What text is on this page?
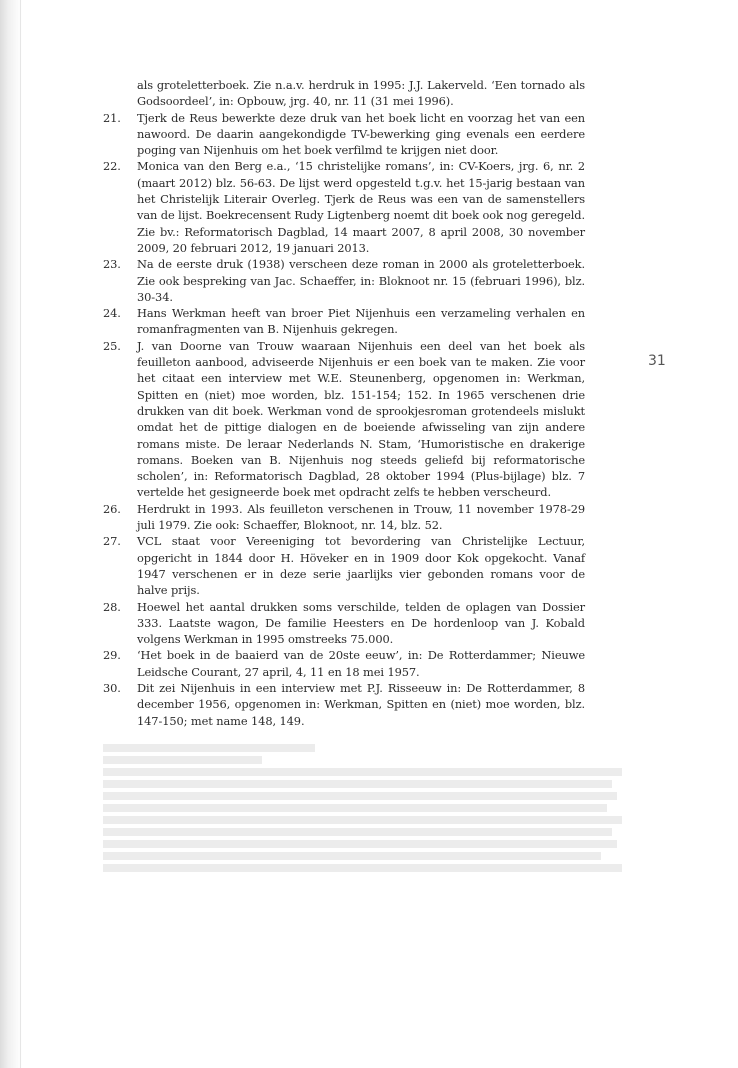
als groteletterboek. Zie n.a.v. herdruk in 1995: J.J. Lakerveld. ‘Een tornado als Godsoordeel’, in: Opbouw, jrg. 40, nr. 11 (31 mei 1996).
21.	Tjerk de Reus bewerkte deze druk van het boek licht en voorzag het van een nawoord. De daarin aangekondigde TV-bewerking ging evenals een eerdere poging van Nijenhuis om het boek verfilmd te krijgen niet door.
22.	Monica van den Berg e.a., ‘15 christelijke romans’, in: CV-Koers, jrg. 6, nr. 2 (maart 2012) blz. 56-63. De lijst werd opgesteld t.g.v. het 15-jarig bestaan van het Christelijk Literair Overleg. Tjerk de Reus was een van de samenstellers van de lijst. Boekrecensent Rudy Ligtenberg noemt dit boek ook nog geregeld. Zie bv.: Reformatorisch Dagblad, 14 maart 2007, 8 april 2008, 30 november 2009, 20 februari 2012, 19 januari 2013.
23.	Na de eerste druk (1938) verscheen deze roman in 2000 als groteletterboek. Zie ook bespreking van Jac. Schaeffer, in: Bloknoot nr. 15 (februari 1996), blz. 30-34.
24.	Hans Werkman heeft van broer Piet Nijenhuis een verzameling verhalen en romanfragmenten van B. Nijenhuis gekregen.
25.	J. van Doorne van Trouw waaraan Nijenhuis een deel van het boek als feuilleton aanbood, adviseerde Nijenhuis er een boek van te maken. Zie voor het citaat een interview met W.E. Steunenberg, opgenomen in: Werkman, Spitten en (niet) moe worden, blz. 151-154; 152. In 1965 verschenen drie drukken van dit boek. Werkman vond de sprookjesroman grotendeels mislukt omdat het de pittige dialogen en de boeiende afwisseling van zijn andere romans miste. De leraar Nederlands N. Stam, ‘Humoristische en drakerige romans. Boeken van B. Nijenhuis nog steeds geliefd bij reformatorische scholen’, in: Reformatorisch Dagblad, 28 oktober 1994 (Plus-bijlage) blz. 7 vertelde het gesigneerde boek met opdracht zelfs te hebben verscheurd.
26.	Herdrukt in 1993. Als feuilleton verschenen in Trouw, 11 november 1978-29 juli 1979. Zie ook: Schaeffer, Bloknoot, nr. 14, blz. 52.
27.	VCL staat voor Vereeniging tot bevordering van Christelijke Lectuur, opgericht in 1844 door H. Höveker en in 1909 door Kok opgekocht. Vanaf 1947 verschenen er in deze serie jaarlijks vier gebonden romans voor de halve prijs.
28.	Hoewel het aantal drukken soms verschilde, telden de oplagen van Dossier 333. Laatste wagon, De familie Heesters en De hordenloop van J. Kobald volgens Werkman in 1995 omstreeks 75.000.
29.	‘Het boek in de baaierd van de 20ste eeuw’, in: De Rotterdammer; Nieuwe Leidsche Courant, 27 april, 4, 11 en 18 mei 1957.
30.	Dit zei Nijenhuis in een interview met P.J. Risseeuw in: De Rotterdammer, 8 december 1956, opgenomen in: Werkman, Spitten en (niet) moe worden, blz. 147-150; met name 148, 149.
31
